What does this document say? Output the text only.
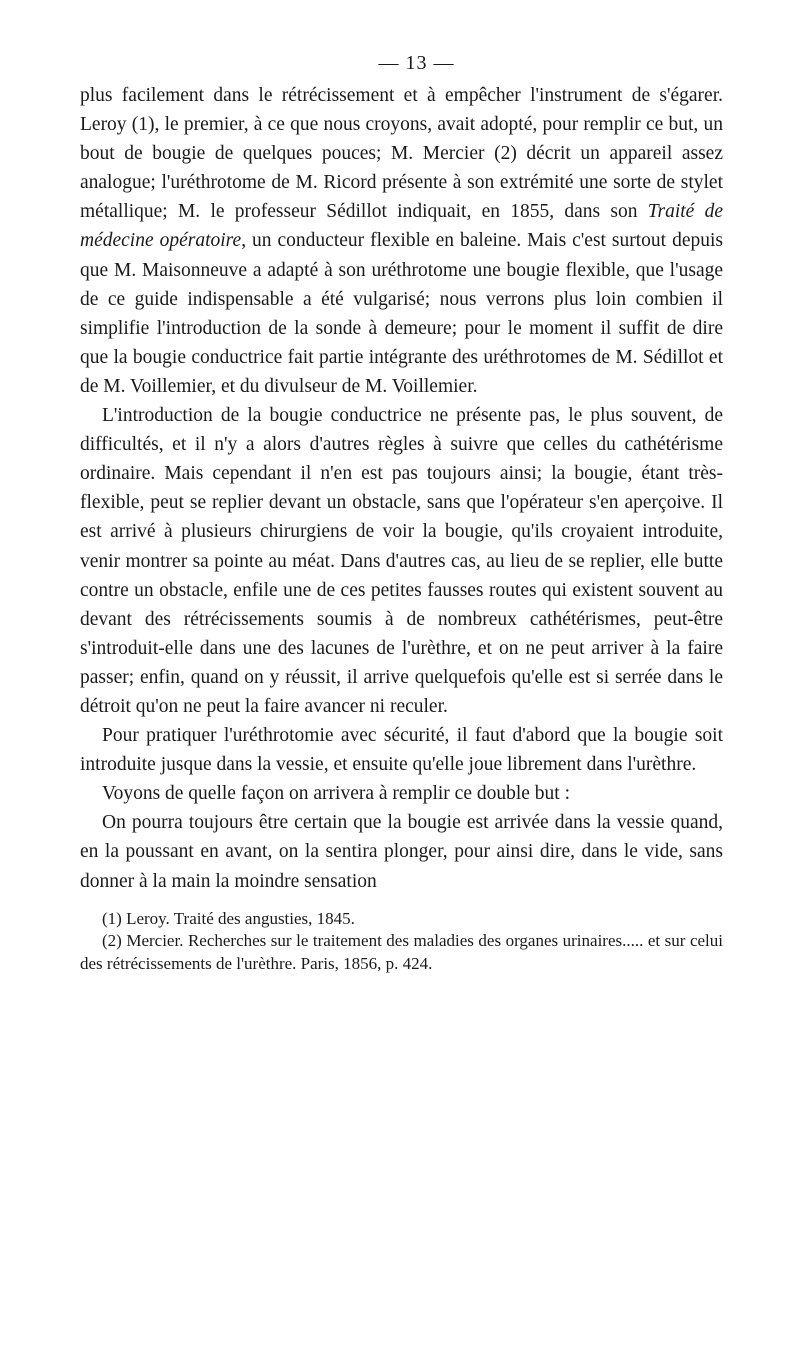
— 13 —

plus facilement dans le rétrécissement et à empêcher l'instrument de s'égarer. Leroy (1), le premier, à ce que nous croyons, avait adopté, pour remplir ce but, un bout de bougie de quelques pouces; M. Mercier (2) décrit un appareil assez analogue; l'uréthrotome de M. Ricord présente à son extrémité une sorte de stylet métallique; M. le professeur Sédillot indiquait, en 1855, dans son Traité de médecine opératoire, un conducteur flexible en baleine. Mais c'est surtout depuis que M. Maisonneuve a adapté à son uréthrotome une bougie flexible, que l'usage de ce guide indispensable a été vulgarisé; nous verrons plus loin combien il simplifie l'introduction de la sonde à demeure; pour le moment il suffit de dire que la bougie conductrice fait partie intégrante des uréthrotomes de M. Sédillot et de M. Voillemier, et du divulseur de M. Voillemier.

L'introduction de la bougie conductrice ne présente pas, le plus souvent, de difficultés, et il n'y a alors d'autres règles à suivre que celles du cathétérisme ordinaire. Mais cependant il n'en est pas toujours ainsi; la bougie, étant très-flexible, peut se replier devant un obstacle, sans que l'opérateur s'en aperçoive. Il est arrivé à plusieurs chirurgiens de voir la bougie, qu'ils croyaient introduite, venir montrer sa pointe au méat. Dans d'autres cas, au lieu de se replier, elle butte contre un obstacle, enfile une de ces petites fausses routes qui existent souvent au devant des rétrécissements soumis à de nombreux cathétérismes, peut-être s'introduit-elle dans une des lacunes de l'urèthre, et on ne peut arriver à la faire passer; enfin, quand on y réussit, il arrive quelquefois qu'elle est si serrée dans le détroit qu'on ne peut la faire avancer ni reculer.

Pour pratiquer l'uréthrotomie avec sécurité, il faut d'abord que la bougie soit introduite jusque dans la vessie, et ensuite qu'elle joue librement dans l'urèthre.

Voyons de quelle façon on arrivera à remplir ce double but :

On pourra toujours être certain que la bougie est arrivée dans la vessie quand, en la poussant en avant, on la sentira plonger, pour ainsi dire, dans le vide, sans donner à la main la moindre sensation

(1) Leroy. Traité des angusties, 1845.

(2) Mercier. Recherches sur le traitement des maladies des organes urinaires..... et sur celui des rétrécissements de l'urèthre. Paris, 1856, p. 424.
